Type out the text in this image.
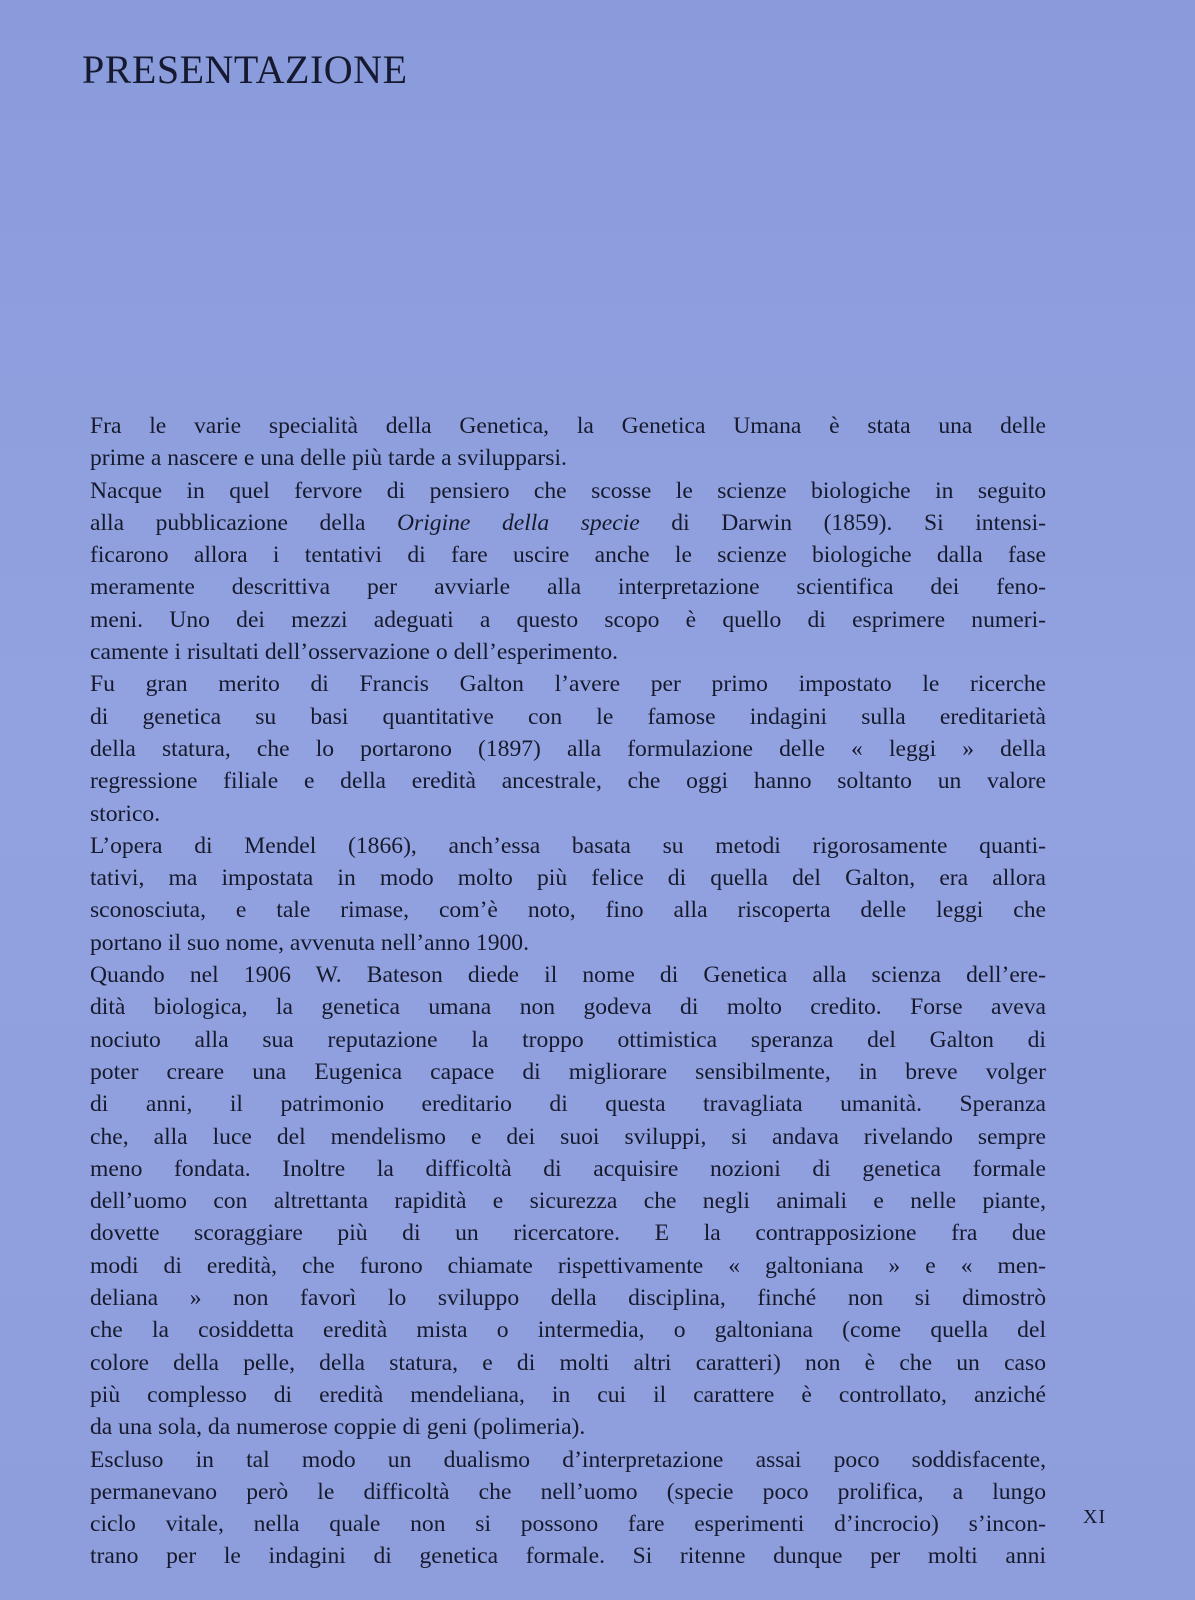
PRESENTAZIONE
Fra le varie specialità della Genetica, la Genetica Umana è stata una delle
prime a nascere e una delle più tarde a svilupparsi.
Nacque in quel fervore di pensiero che scosse le scienze biologiche in seguito
alla pubblicazione della Origine della specie di Darwin (1859). Si intensi-
ficarono allora i tentativi di fare uscire anche le scienze biologiche dalla fase
meramente descrittiva per avviarle alla interpretazione scientifica dei feno-
meni. Uno dei mezzi adeguati a questo scopo è quello di esprimere numeri-
camente i risultati dell’osservazione o dell’esperimento.
Fu gran merito di Francis Galton l’avere per primo impostato le ricerche
di genetica su basi quantitative con le famose indagini sulla ereditarietà
della statura, che lo portarono (1897) alla formulazione delle « leggi » della
regressione filiale e della eredità ancestrale, che oggi hanno soltanto un valore
storico.
L’opera di Mendel (1866), anch’essa basata su metodi rigorosamente quanti-
tativi, ma impostata in modo molto più felice di quella del Galton, era allora
sconosciuta, e tale rimase, com’è noto, fino alla riscoperta delle leggi che
portano il suo nome, avvenuta nell’anno 1900.
Quando nel 1906 W. Bateson diede il nome di Genetica alla scienza dell’ere-
dità biologica, la genetica umana non godeva di molto credito. Forse aveva
nociuto alla sua reputazione la troppo ottimistica speranza del Galton di
poter creare una Eugenica capace di migliorare sensibilmente, in breve volger
di anni, il patrimonio ereditario di questa travagliata umanità. Speranza
che, alla luce del mendelismo e dei suoi sviluppi, si andava rivelando sempre
meno fondata. Inoltre la difficoltà di acquisire nozioni di genetica formale
dell’uomo con altrettanta rapidità e sicurezza che negli animali e nelle piante,
dovette scoraggiare più di un ricercatore. E la contrapposizione fra due
modi di eredità, che furono chiamate rispettivamente « galtoniana » e « men-
deliana » non favorì lo sviluppo della disciplina, finché non si dimostrò
che la cosiddetta eredità mista o intermedia, o galtoniana (come quella del
colore della pelle, della statura, e di molti altri caratteri) non è che un caso
più complesso di eredità mendeliana, in cui il carattere è controllato, anziché
da una sola, da numerose coppie di geni (polimeria).
Escluso in tal modo un dualismo d’interpretazione assai poco soddisfacente,
permanevano però le difficoltà che nell’uomo (specie poco prolifica, a lungo
ciclo vitale, nella quale non si possono fare esperimenti d’incrocio) s’incon-
trano per le indagini di genetica formale. Si ritenne dunque per molti anni
XI
